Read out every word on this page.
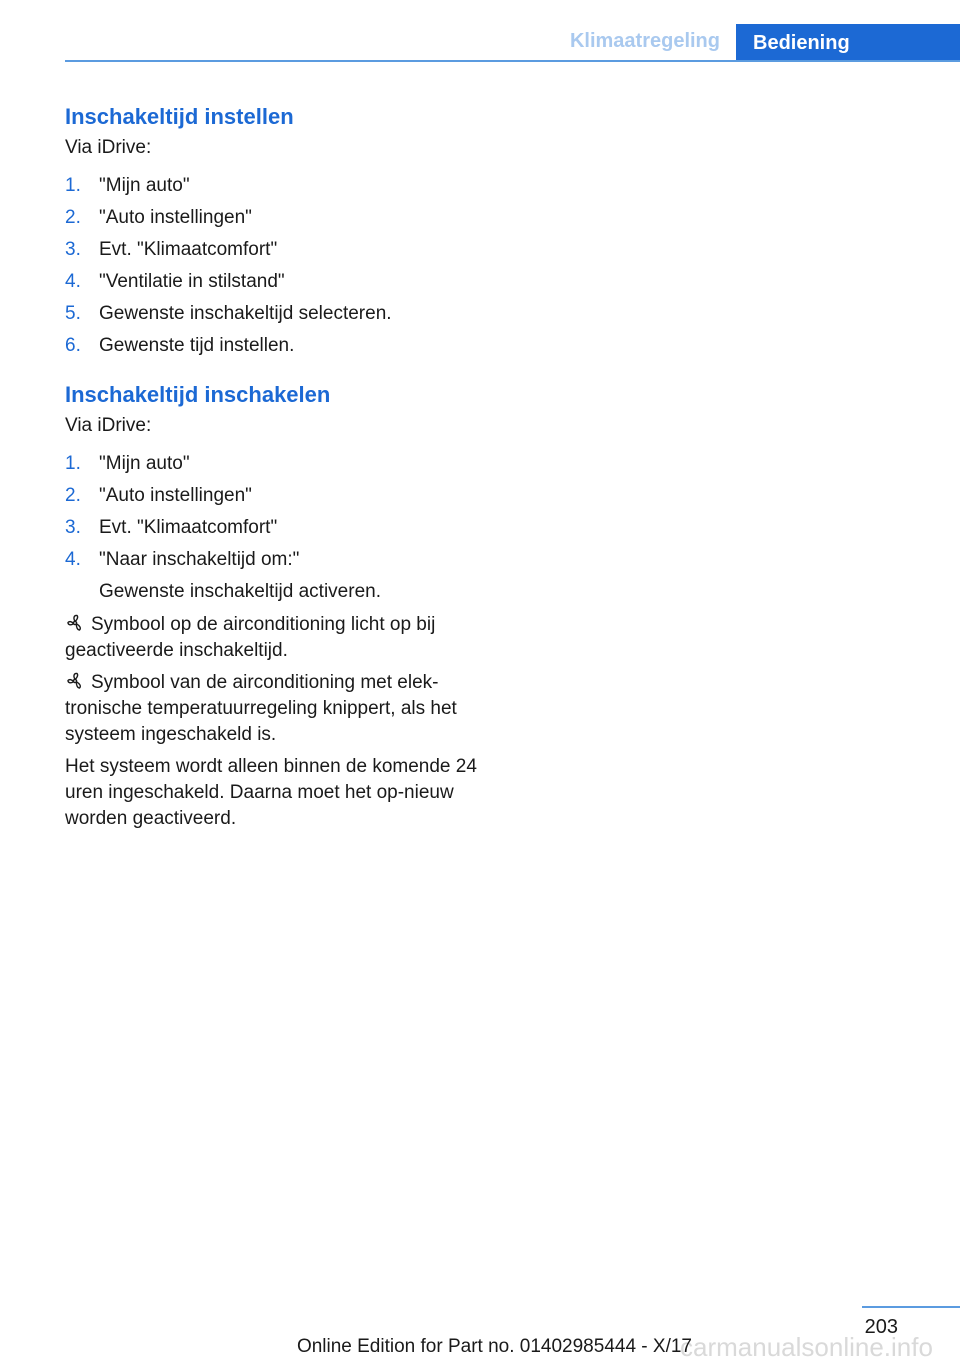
Klimaatregeling	Bediening
Inschakeltijd instellen
Via iDrive:
1. "Mijn auto"
2. "Auto instellingen"
3. Evt. "Klimaatcomfort"
4. "Ventilatie in stilstand"
5. Gewenste inschakeltijd selecteren.
6. Gewenste tijd instellen.
Inschakeltijd inschakelen
Via iDrive:
1. "Mijn auto"
2. "Auto instellingen"
3. Evt. "Klimaatcomfort"
4. "Naar inschakeltijd om:"
Gewenste inschakeltijd activeren.

Symbool op de airconditioning licht op bij geactiveerde inschakeltijd.

Symbool van de airconditioning met elek-tronische temperatuurregeling knippert, als het systeem ingeschakeld is.

Het systeem wordt alleen binnen de komende 24 uren ingeschakeld. Daarna moet het op-nieuw worden geactiveerd.

203
carmanualsonline.info
Online Edition for Part no. 01402985444 - X/17
